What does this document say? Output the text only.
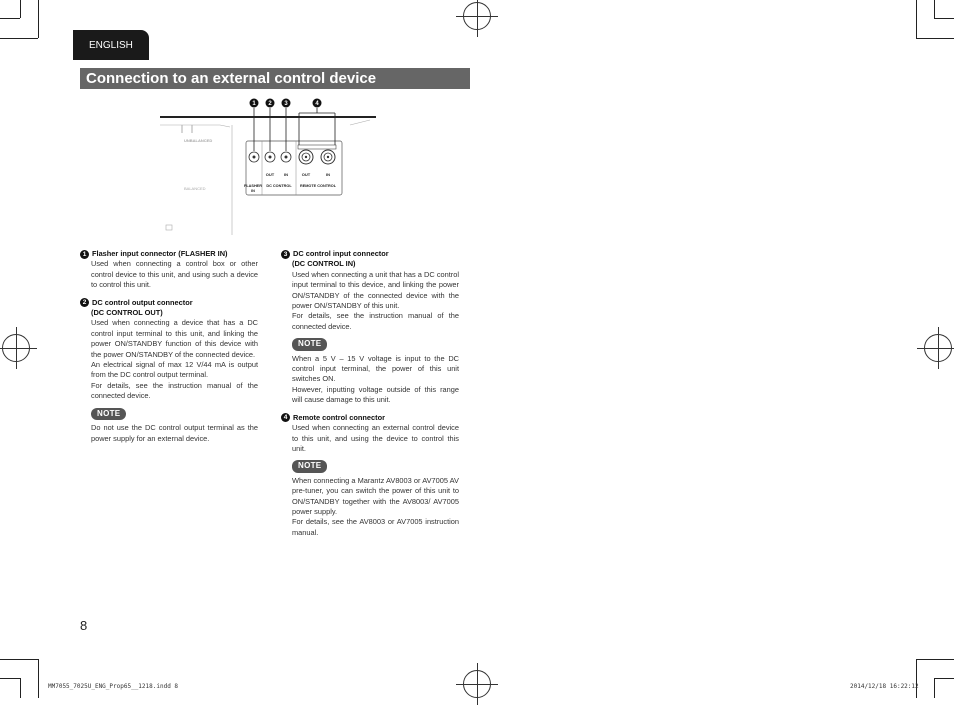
ENGLISH
Connection to an external control device
UNBALANCED
BALANCED
OUT IN	OUT	IN
FLASHER
IN
DC CONTROL REMOTE CONTROL
1 2 3	4
1 Flasher input connector (FLASHER IN)
Used when connecting a control box or other control device to this unit, and using such a device to control this unit.
2 DC control output connector
(DC CONTROL OUT)
Used when connecting a device that has a DC control input terminal to this unit, and linking the power ON/STANDBY function of this device with the power ON/STANDBY of the connected device.
An electrical signal of max 12 V/44 mA is output from the DC control output terminal.
For details, see the instruction manual of the connected device.
NOTE
Do not use the DC control output terminal as the power supply for an external device.
3 DC control input connector
(DC CONTROL IN)
Used when connecting a unit that has a DC control input terminal to this device, and linking the power ON/STANDBY of the connected device with the power ON/STANDBY of this unit.
For details, see the instruction manual of the connected device.
NOTE
When a 5 V – 15 V voltage is input to the DC control input terminal, the power of this unit switches ON.
However, inputting voltage outside of this range will cause damage to this unit.
4 Remote control connector
Used when connecting an external control device to this unit, and using the device to control this unit.
NOTE
When connecting a Marantz AV8003 or AV7005 AV pre-tuner, you can switch the power of this unit to ON/STANDBY together with the AV8003/ AV7005 power supply.
For details, see the AV8003 or AV7005 instruction manual.
8
MM7055_7025U_ENG_Prop65__1218.indd 8	2014/12/18 16:22:12
